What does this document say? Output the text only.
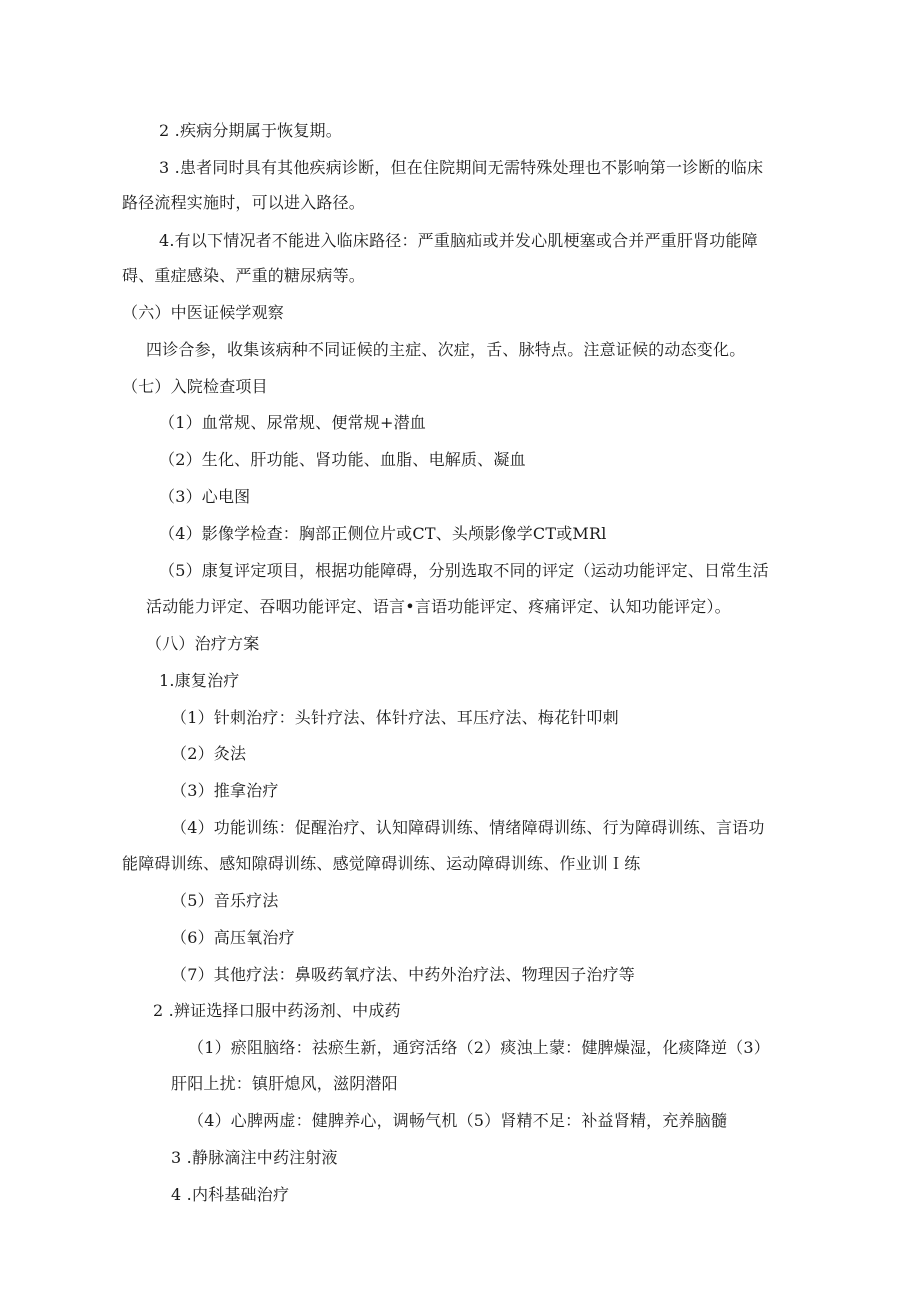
2 .疾病分期属于恢复期。
3 .患者同时具有其他疾病诊断，但在住院期间无需特殊处理也不影响第一诊断的临床
路径流程实施时，可以进入路径。
4.有以下情况者不能进入临床路径：严重脑疝或并发心肌梗塞或合并严重肝肾功能障
碍、重症感染、严重的糖尿病等。
（六）中医证候学观察
四诊合参，收集该病种不同证候的主症、次症，舌、脉特点。注意证候的动态变化。
（七）入院检查项目
（1）血常规、尿常规、便常规+潜血
（2）生化、肝功能、肾功能、血脂、电解质、凝血
（3）心电图
（4）影像学检查：胸部正侧位片或CT、头颅影像学CT或MRl
（5）康复评定项目，根据功能障碍，分别选取不同的评定（运动功能评定、日常生活
活动能力评定、吞咽功能评定、语言•言语功能评定、疼痛评定、认知功能评定）。
（八）治疗方案
1.康复治疗
（1）针刺治疗：头针疗法、体针疗法、耳压疗法、梅花针叩刺
（2）灸法
（3）推拿治疗
（4）功能训练：促醒治疗、认知障碍训练、情绪障碍训练、行为障碍训练、言语功
能障碍训练、感知隙碍训练、感觉障碍训练、运动障碍训练、作业训Ｉ练
（5）音乐疗法
（6）高压氧治疗
（7）其他疗法：鼻吸药氧疗法、中药外治疗法、物理因子治疗等
2 .辨证选择口服中药汤剂、中成药
（1）瘀阻脑络：祛瘀生新，通窍活络（2）痰浊上蒙：健脾燥湿，化痰降逆（3）
肝阳上扰：镇肝熄风，滋阴潜阳
（4）心脾两虚：健脾养心，调畅气机（5）肾精不足：补益肾精，充养脑髓
3 .静脉滴注中药注射液
4 .内科基础治疗
